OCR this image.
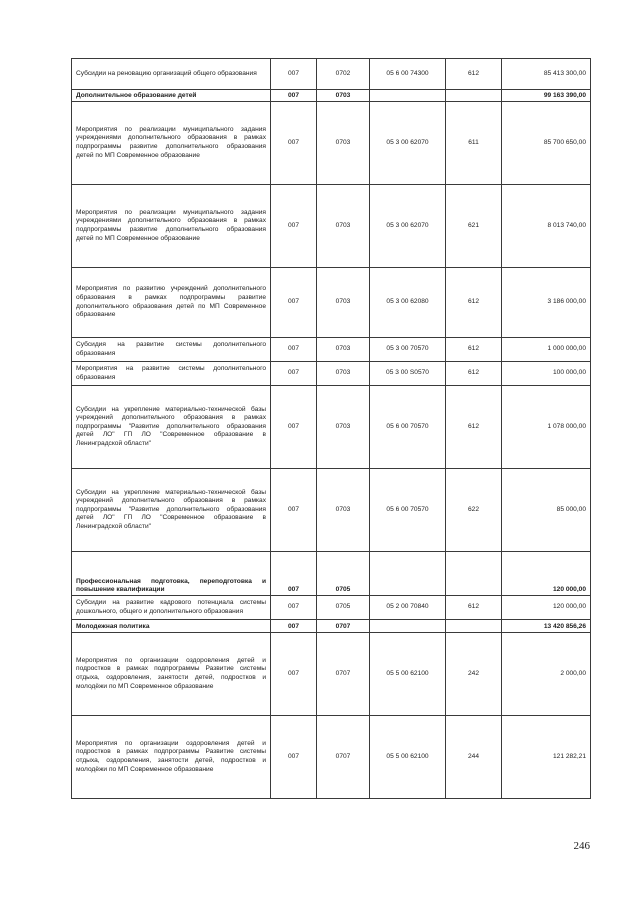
Субсидии на реновацию организаций общего образования	007	0702	05 6 00 74300	612	85 413 300,00
Дополнительное образование детей	007	0703			99 163 390,00
Мероприятия по реализации муниципального задания учреждениями дополнительного образования в рамках подпрограммы развитие дополнительного образования детей по МП Современное образование	007	0703	05 3 00 62070	611	85 700 650,00
Мероприятия по реализации муниципального задания учреждениями дополнительного образования в рамках подпрограммы развитие дополнительного образования детей по МП Современное образование	007	0703	05 3 00 62070	621	8 013 740,00
Мероприятия по развитию учреждений дополнительного образования в рамках подпрограммы развитие дополнительного образования детей по МП Современное образование	007	0703	05 3 00 62080	612	3 186 000,00
Субсидия на развитие системы дополнительного образования	007	0703	05 3 00 70570	612	1 000 000,00
Мероприятия на развитие системы дополнительного образования	007	0703	05 3 00 S0570	612	100 000,00
Субсидии на укрепление материально-технической базы учреждений дополнительного образования в рамках подпрограммы "Развитие дополнительного образования детей ЛО" ГП ЛО "Современное образование в Ленинградской области"	007	0703	05 6 00 70570	612	1 078 000,00
Субсидии на укрепление материально-технической базы учреждений дополнительного образования в рамках подпрограммы "Развитие дополнительного образования детей ЛО" ГП ЛО "Современное образование в Ленинградской области"	007	0703	05 6 00 70570	622	85 000,00
Профессиональная подготовка, переподготовка и повышение квалификации	007	0705			120 000,00
Субсидии на развитие кадрового потенциала системы дошкольного, общего и дополнительного образования	007	0705	05 2 00 70840	612	120 000,00
Молодежная политика	007	0707			13 420 856,26
Мероприятия по организации оздоровления детей и подростков в рамках подпрограммы Развитие системы отдыха, оздоровления, занятости детей, подростков и молодёжи по МП Современное образование	007	0707	05 5 00 62100	242	2 000,00
Мероприятия по организации оздоровления детей и подростков в рамках подпрограммы Развитие системы отдыха, оздоровления, занятости детей, подростков и молодёжи по МП Современное образование	007	0707	05 5 00 62100	244	121 282,21
246
